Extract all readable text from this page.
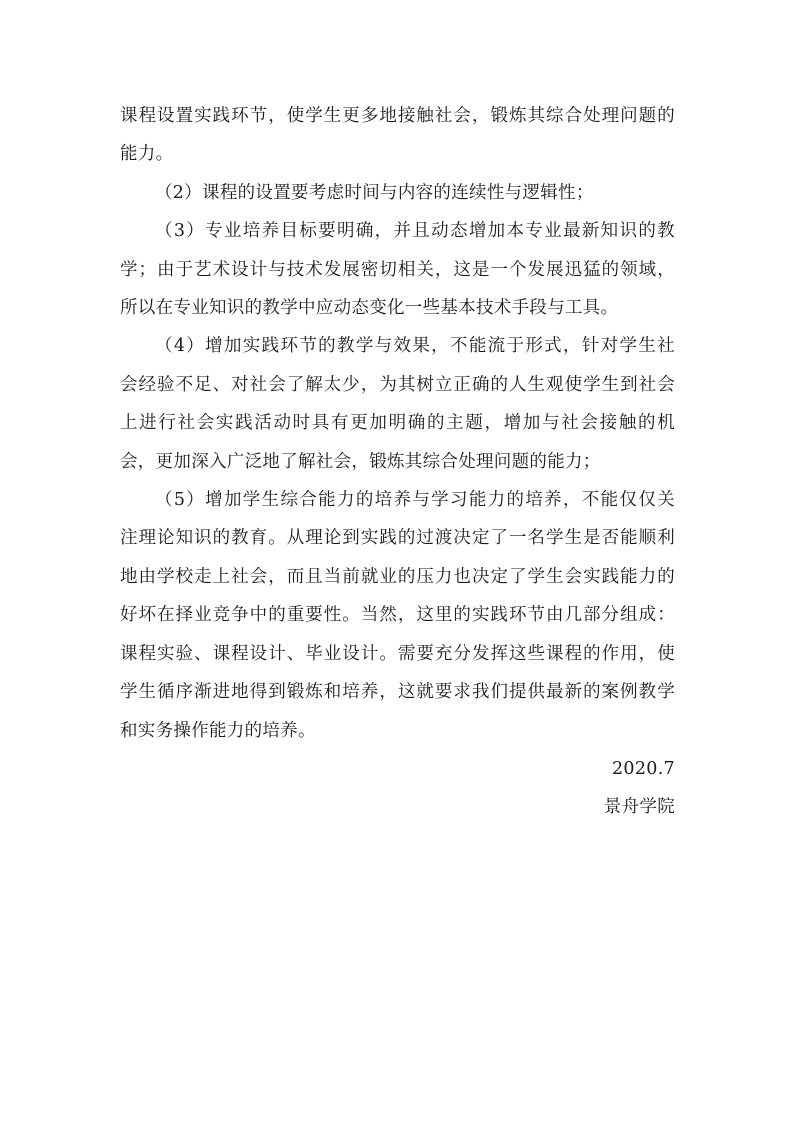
课程设置实践环节，使学生更多地接触社会，锻炼其综合处理问题的
能力。
（2）课程的设置要考虑时间与内容的连续性与逻辑性；
（3）专业培养目标要明确，并且动态增加本专业最新知识的教
学；由于艺术设计与技术发展密切相关，这是一个发展迅猛的领域，
所以在专业知识的教学中应动态变化一些基本技术手段与工具。
（4）增加实践环节的教学与效果，不能流于形式，针对学生社
会经验不足、对社会了解太少，为其树立正确的人生观使学生到社会
上进行社会实践活动时具有更加明确的主题，增加与社会接触的机
会，更加深入广泛地了解社会，锻炼其综合处理问题的能力；
（5）增加学生综合能力的培养与学习能力的培养，不能仅仅关
注理论知识的教育。从理论到实践的过渡决定了一名学生是否能顺利
地由学校走上社会，而且当前就业的压力也决定了学生会实践能力的
好坏在择业竞争中的重要性。当然，这里的实践环节由几部分组成：
课程实验、课程设计、毕业设计。需要充分发挥这些课程的作用，使
学生循序渐进地得到锻炼和培养，这就要求我们提供最新的案例教学
和实务操作能力的培养。
2020.7
景舟学院
